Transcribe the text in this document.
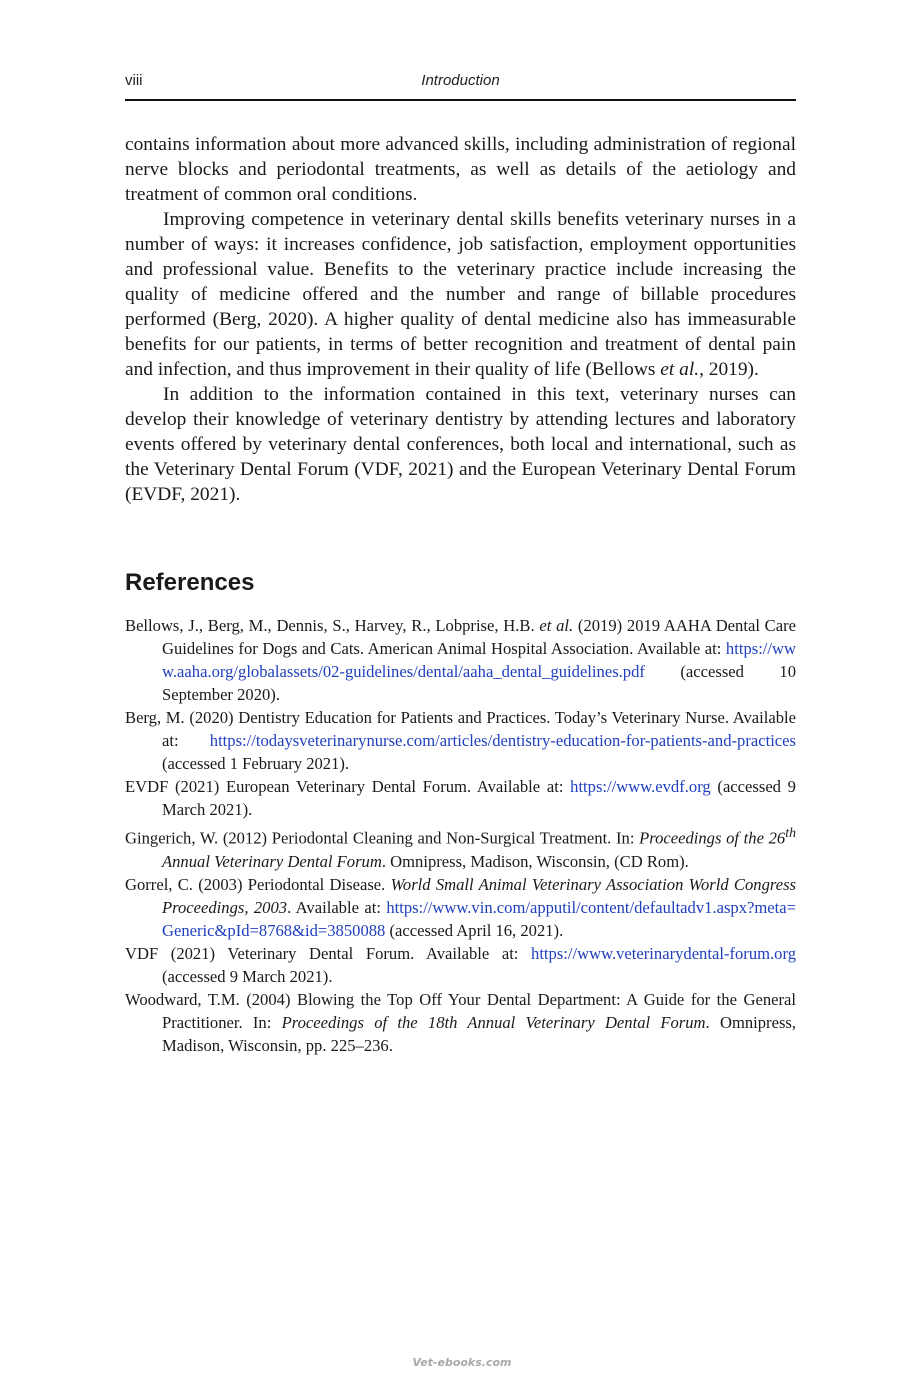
viii	Introduction

contains information about more advanced skills, including administration of regional nerve blocks and periodontal treatments, as well as details of the aetiology and treatment of common oral conditions.

Improving competence in veterinary dental skills benefits veterinary nurses in a number of ways: it increases confidence, job satisfaction, employment opportunities and professional value. Benefits to the veterinary practice include increasing the quality of medicine offered and the number and range of billable procedures performed (Berg, 2020). A higher quality of dental medicine also has immeasurable benefits for our patients, in terms of better recognition and treatment of dental pain and infection, and thus improvement in their quality of life (Bellows et al., 2019).

In addition to the information contained in this text, veterinary nurses can develop their knowledge of veterinary dentistry by attending lectures and laboratory events offered by veterinary dental conferences, both local and international, such as the Veterinary Dental Forum (VDF, 2021) and the European Veterinary Dental Forum (EVDF, 2021).

References
Bellows, J., Berg, M., Dennis, S., Harvey, R., Lobprise, H.B. et al. (2019) 2019 AAHA Dental Care Guidelines for Dogs and Cats. American Animal Hospital Association. Available at: https://www.aaha.org/globalassets/02-guidelines/dental/aaha_dental_guidelines.pdf (accessed 10 September 2020).
Berg, M. (2020) Dentistry Education for Patients and Practices. Today’s Veterinary Nurse. Available at: https://todaysveterinarynurse.com/articles/dentistry-education-for-patients-and-practices (accessed 1 February 2021).
EVDF (2021) European Veterinary Dental Forum. Available at: https://www.evdf.org (accessed 9 March 2021).
Gingerich, W. (2012) Periodontal Cleaning and Non-Surgical Treatment. In: Proceedings of the 26th Annual Veterinary Dental Forum. Omnipress, Madison, Wisconsin, (CD Rom).
Gorrel, C. (2003) Periodontal Disease. World Small Animal Veterinary Association World Congress Proceedings, 2003. Available at: https://www.vin.com/apputil/content/defaultadv1.aspx?meta=Generic&pId=8768&id=3850088 (accessed April 16, 2021).
VDF (2021) Veterinary Dental Forum. Available at: https://www.veterinarydental-forum.org (accessed 9 March 2021).
Woodward, T.M. (2004) Blowing the Top Off Your Dental Department: A Guide for the General Practitioner. In: Proceedings of the 18th Annual Veterinary Dental Forum. Omnipress, Madison, Wisconsin, pp. 225–236.
Vet-ebooks.com
